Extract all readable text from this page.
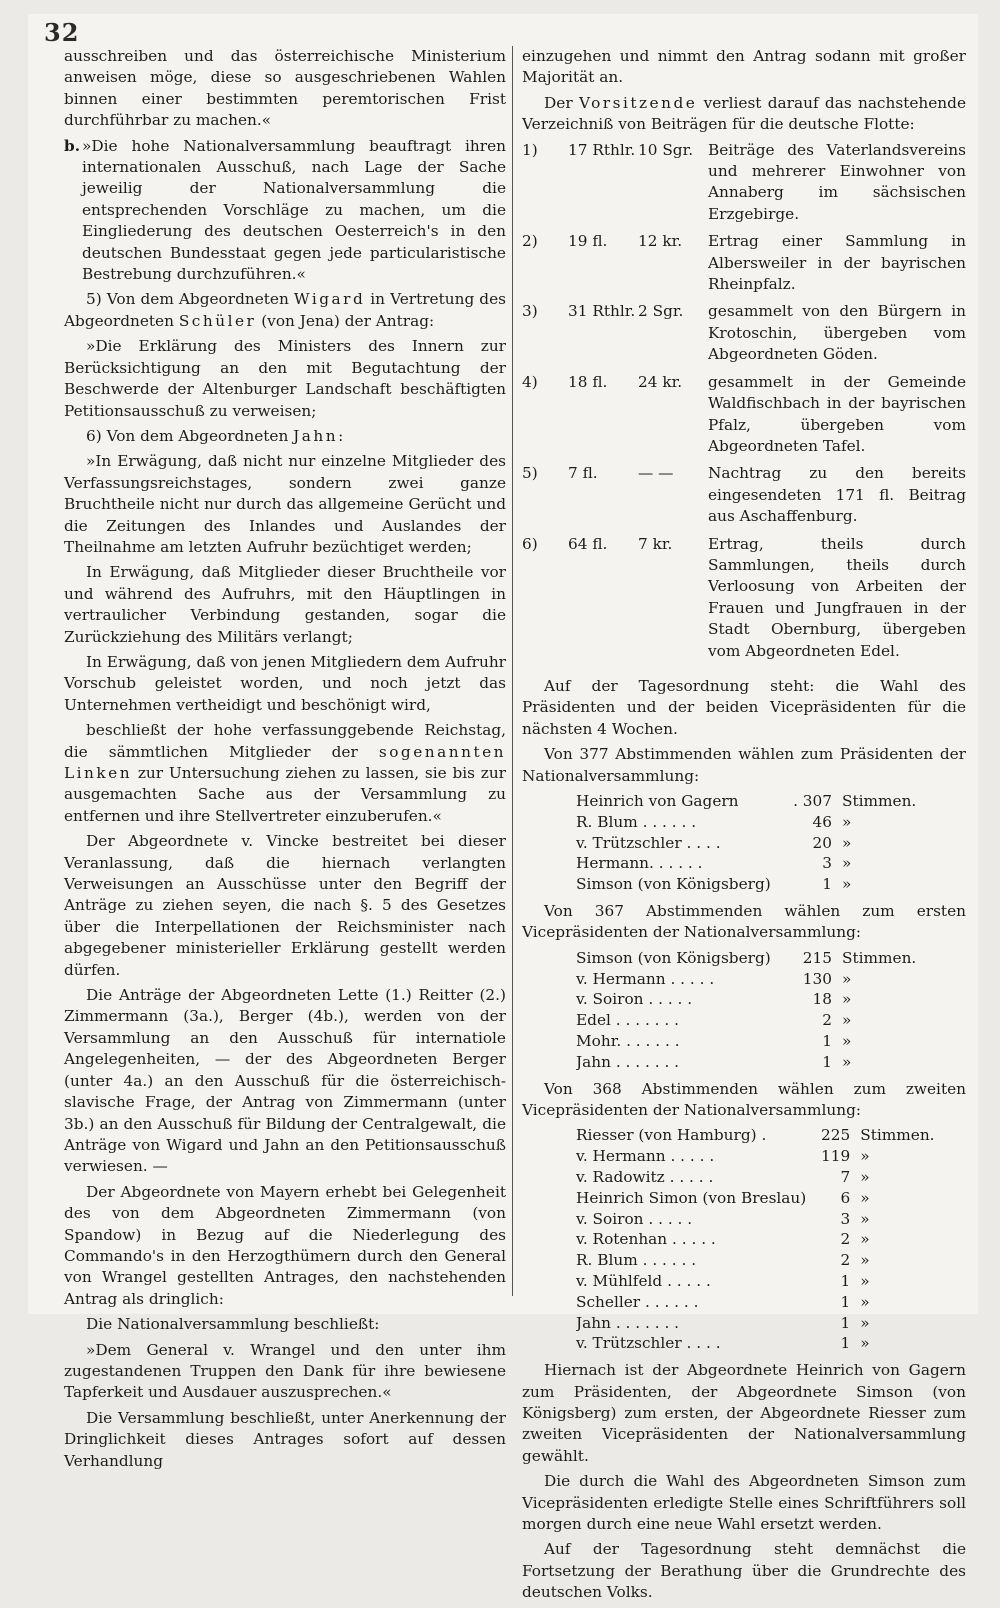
32

ausschreiben und das österreichische Ministerium anweisen möge, diese so ausgeschriebenen Wahlen binnen einer bestimmten peremtorischen Frist durchführbar zu machen.«

b. »Die hohe Nationalversammlung beauftragt ihren internationalen Ausschuß, nach Lage der Sache jeweilig der Nationalversammlung die entsprechenden Vorschläge zu machen, um die Eingliederung des deutschen Oesterreich's in den deutschen Bundesstaat gegen jede particularistische Bestrebung durchzuführen.«

5) Von dem Abgeordneten Wigard in Vertretung des Abgeordneten Schüler (von Jena) der Antrag:

»Die Erklärung des Ministers des Innern zur Berücksichtigung an den mit Begutachtung der Beschwerde der Altenburger Landschaft beschäftigten Petitionsausschuß zu verweisen;

6) Von dem Abgeordneten Jahn:

»In Erwägung, daß nicht nur einzelne Mitglieder des Verfassungsreichstages, sondern zwei ganze Bruchtheile nicht nur durch das allgemeine Gerücht und die Zeitungen des Inlandes und Auslandes der Theilnahme am letzten Aufruhr bezüchtiget werden;

In Erwägung, daß Mitglieder dieser Bruchtheile vor und während des Aufruhrs, mit den Häuptlingen in vertraulicher Verbindung gestanden, sogar die Zurückziehung des Militärs verlangt;

In Erwägung, daß von jenen Mitgliedern dem Aufruhr Vorschub geleistet worden, und noch jetzt das Unternehmen vertheidigt und beschönigt wird,

beschließt der hohe verfassunggebende Reichstag, die sämmtlichen Mitglieder der sogenannten Linken zur Untersuchung ziehen zu lassen, sie bis zur ausgemachten Sache aus der Versammlung zu entfernen und ihre Stellvertreter einzuberufen.«

Der Abgeordnete v. Vincke bestreitet bei dieser Veranlassung, daß die hiernach verlangten Verweisungen an Ausschüsse unter den Begriff der Anträge zu ziehen seyen, die nach §. 5 des Gesetzes über die Interpellationen der Reichsminister nach abgegebener ministerieller Erklärung gestellt werden dürfen.

Die Anträge der Abgeordneten Lette (1.) Reitter (2.) Zimmermann (3a.), Berger (4b.), werden von der Versammlung an den Ausschuß für internatiole Angelegenheiten, — der des Abgeordneten Berger (unter 4a.) an den Ausschuß für die österreichisch-slavische Frage, der Antrag von Zimmermann (unter 3b.) an den Ausschuß für Bildung der Centralgewalt, die Anträge von Wigard und Jahn an den Petitionsausschuß verwiesen. —

Der Abgeordnete von Mayern erhebt bei Gelegenheit des von dem Abgeordneten Zimmermann (von Spandow) in Bezug auf die Niederlegung des Commando's in den Herzogthümern durch den General von Wrangel gestellten Antrages, den nachstehenden Antrag als dringlich:

Die Nationalversammlung beschließt:

»Dem General v. Wrangel und den unter ihm zugestandenen Truppen den Dank für ihre bewiesene Tapferkeit und Ausdauer auszusprechen.«

Die Versammlung beschließt, unter Anerkennung der Dringlichkeit dieses Antrages sofort auf dessen Verhandlung

einzugehen und nimmt den Antrag sodann mit großer Majorität an.

Der Vorsitzende verliest darauf das nachstehende Verzeichniß von Beiträgen für die deutsche Flotte:

1)	17 Rthlr.	10 Sgr.	Beiträge des Vaterlandsvereins und mehrerer Einwohner von Annaberg im sächsischen Erzgebirge.
2)	19 fl.	12 kr.	Ertrag einer Sammlung in Albersweiler in der bayrischen Rheinpfalz.
3)	31 Rthlr.	2 Sgr.	gesammelt von den Bürgern in Krotoschin, übergeben vom Abgeordneten Göden.
4)	18 fl.	24 kr.	gesammelt in der Gemeinde Waldfischbach in der bayrischen Pfalz, übergeben vom Abgeordneten Tafel.
5)	7 fl.	— —	Nachtrag zu den bereits eingesendeten 171 fl. Beitrag aus Aschaffenburg.
6)	64 fl.	7 kr.	Ertrag, theils durch Sammlungen, theils durch Verloosung von Arbeiten der Frauen und Jungfrauen in der Stadt Obernburg, übergeben vom Abgeordneten Edel.

Auf der Tagesordnung steht: die Wahl des Präsidenten und der beiden Vicepräsidenten für die nächsten 4 Wochen.

Von 377 Abstimmenden wählen zum Präsidenten der Nationalversammlung:

Heinrich von Gagern	. 307	Stimmen.
R. Blum . . . . . .	46	»
v. Trützschler . . . .	20	»
Hermann. . . . . .	3	»
Simson (von Königsberg)	1	»

Von 367 Abstimmenden wählen zum ersten Vicepräsidenten der Nationalversammlung:

Simson (von Königsberg)	215	Stimmen.
v. Hermann . . . . .	130	»
v. Soiron . . . . .	18	»
Edel . . . . . . .	2	»
Mohr. . . . . . .	1	»
Jahn . . . . . . .	1	»

Von 368 Abstimmenden wählen zum zweiten Vicepräsidenten der Nationalversammlung:

Riesser (von Hamburg) .	225	Stimmen.
v. Hermann . . . . .	119	»
v. Radowitz . . . . .	7	»
Heinrich Simon (von Breslau)	6	»
v. Soiron . . . . .	3	»
v. Rotenhan . . . . .	2	»
R. Blum . . . . . .	2	»
v. Mühlfeld . . . . .	1	»
Scheller . . . . . .	1	»
Jahn . . . . . . .	1	»
v. Trützschler . . . .	1	»

Hiernach ist der Abgeordnete Heinrich von Gagern zum Präsidenten, der Abgeordnete Simson (von Königsberg) zum ersten, der Abgeordnete Riesser zum zweiten Vicepräsidenten der Nationalversammlung gewählt.

Die durch die Wahl des Abgeordneten Simson zum Vicepräsidenten erledigte Stelle eines Schriftführers soll morgen durch eine neue Wahl ersetzt werden.

Auf der Tagesordnung steht demnächst die Fortsetzung der Berathung über die Grundrechte des deutschen Volks.
